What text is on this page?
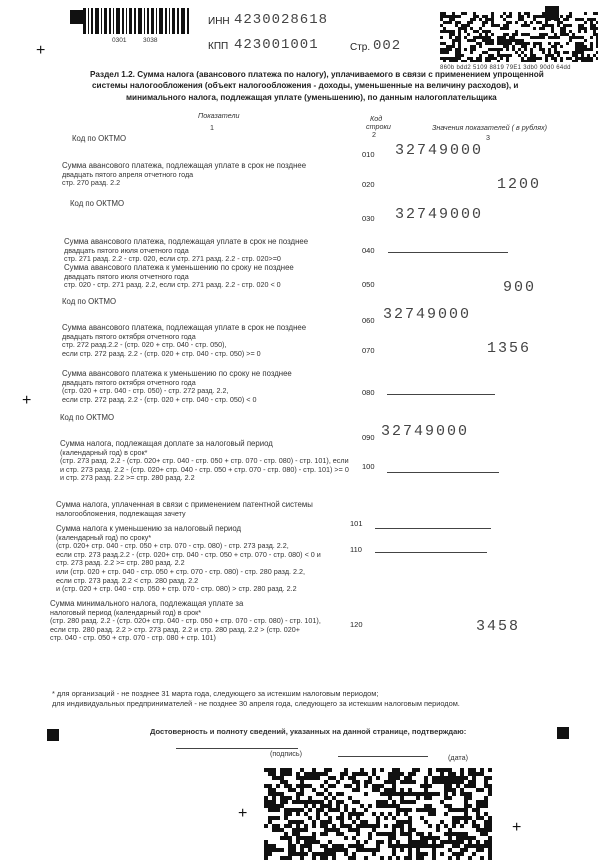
+
+
+
+
0301	3038
ИНН 4230028618
КПП 423001001	Стр. 002
860b bdd2 5109 8819 79E1 3db0 90d0 64dd
Раздел 1.2. Сумма налога (авансового платежа по налогу), уплачиваемого в связи с применением упрощенной
системы налогообложения (объект налогообложения - доходы, уменьшенные на величину расходов), и
минимального налога, подлежащая уплате (уменьшению), по данным налогоплательщика
Показатели
1
Код
строки
2
Значения показателей ( в рублях)
3
Код по ОКТМО
010 32749000
Сумма авансового платежа, подлежащая уплате в срок не позднее
двадцать пятого апреля отчетного года
стр. 270 разд. 2.2	020	1200
Код по ОКТМО
030 32749000
Сумма авансового платежа, подлежащая уплате в срок не позднее
двадцать пятого июля отчетного года
стр. 271 разд. 2.2 - стр. 020, если стр. 271 разд. 2.2 - стр. 020>=0
040
Сумма авансового платежа к уменьшению по сроку не позднее
двадцать пятого июля отчетного года
стр. 020 - стр. 271 разд. 2.2, если стр. 271 разд. 2.2 - стр. 020 < 0	050	900
Код по ОКТМО
060 32749000
Сумма авансового платежа, подлежащая уплате в срок не позднее
двадцать пятого октября отчетного года
стр. 272 разд.2.2 - (стр. 020 + стр. 040 - стр. 050),
если стр. 272 разд. 2.2 - (стр. 020 + стр. 040 - стр. 050) >= 0	070	1356
Сумма авансового платежа к уменьшению по сроку не позднее
двадцать пятого октября отчетного года
(стр. 020 + стр. 040 - стр. 050) - стр. 272 разд. 2.2,
если стр. 272 разд. 2.2 - (стр. 020 + стр. 040 - стр. 050) < 0
080
Код по ОКТМО
090 32749000
Сумма налога, подлежащая доплате за налоговый период
(календарный год) в срок*
(стр. 273 разд. 2.2 - (стр. 020+ стр. 040 - стр. 050 + стр. 070 - стр. 080) - стр. 101), если
и стр. 273 разд. 2.2 - (стр. 020+ стр. 040 - стр. 050 + стр. 070 - стр. 080) - стр. 101) >= 0
и стр. 273 разд. 2.2 >= стр. 280 разд. 2.2
100
Сумма налога, уплаченная в связи с применением патентной системы
налогообложения, подлежащая зачету
101
Сумма налога к уменьшению за налоговый период
(календарный год) по сроку*
(стр. 020+ стр. 040 - стр. 050 + стр. 070 - стр. 080) - стр. 273 разд. 2.2,
если стр. 273 разд.2.2 - (стр. 020+ стр. 040 - стр. 050 + стр. 070 - стр. 080) < 0 и
стр. 273 разд. 2.2 >= стр. 280 разд. 2.2
или (стр. 020 + стр. 040 - стр. 050 + стр. 070 - стр. 080) - стр. 280 разд. 2.2,
если стр. 273 разд. 2.2 < стр. 280 разд. 2.2
и (стр. 020 + стр. 040 - стр. 050 + стр. 070 - стр. 080) > стр. 280 разд. 2.2
110
Сумма минимального налога, подлежащая уплате за
налоговый период (календарный год) в срок*
(стр. 280 разд. 2.2 - (стр. 020+ стр. 040 - стр. 050 + стр. 070 - стр. 080) - стр. 101),
если стр. 280 разд. 2.2 > стр. 273 разд. 2.2 и стр. 280 разд. 2.2 > (стр. 020+
стр. 040 - стр. 050 + стр. 070 - стр. 080 + стр. 101)
120	3458
* для организаций - не позднее 31 марта года, следующего за истекшим налоговым периодом;
для индивидуальных предпринимателей - не позднее 30 апреля года, следующего за истекшим налоговым периодом.
Достоверность и полноту сведений, указанных на данной странице, подтверждаю:
(подпись)	(дата)
